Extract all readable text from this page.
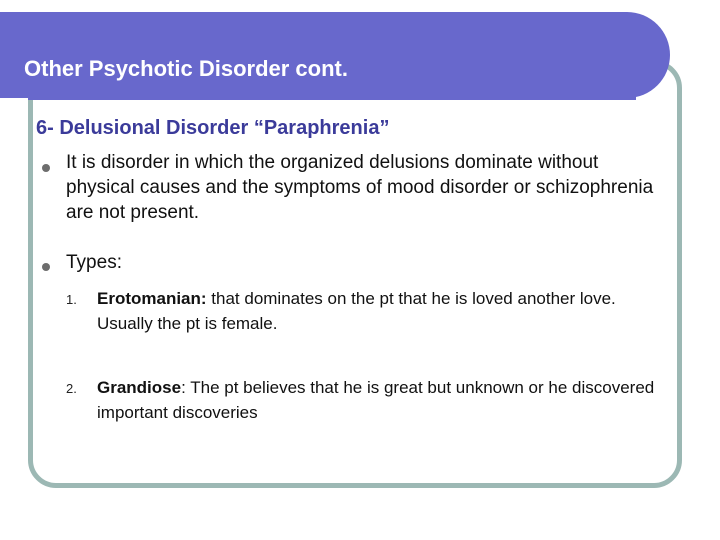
Other Psychotic Disorder cont.
6- Delusional Disorder “Paraphrenia”
It is disorder in which the organized delusions dominate without physical causes and the symptoms of mood disorder or schizophrenia are not present.
Types:
1. Erotomanian: that dominates on the pt that he is loved another love. Usually the pt is female.
2. Grandiose: The pt believes that he is great but unknown or he discovered important discoveries
